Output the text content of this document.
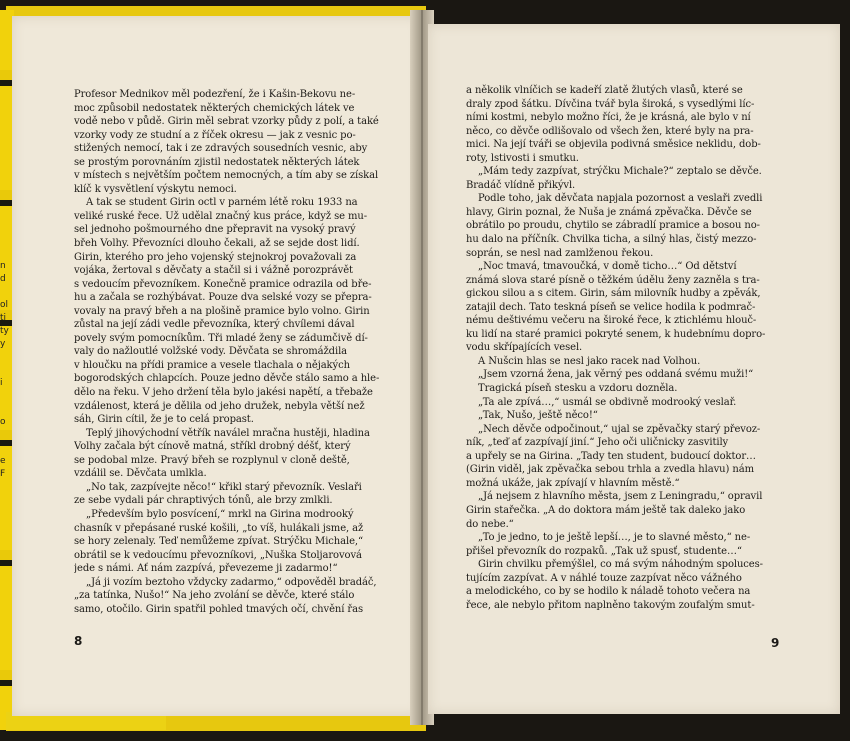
Profesor Mednikov měl podezření, že i Kašin-Bekovu ne-
moc způsobil nedostatek některých chemických látek ve
vodě nebo v půdě. Girin měl sebrat vzorky půdy z polí, a také
vzorky vody ze studní a z říček okresu — jak z vesnic po-
stižených nemocí, tak i ze zdravých sousedních vesnic, aby
se prostým porovnáním zjistil nedostatek některých látek
v místech s největším počtem nemocných, a tím aby se získal
klíč k vysvětlení výskytu nemoci.
A tak se student Girin octl v parném létě roku 1933 na
veliké ruské řece. Už udělal značný kus práce, když se mu-
sel jednoho pošmourného dne přepravit na vysoký pravý
břeh Volhy. Převozníci dlouho čekali, až se sejde dost lidí.
Girin, kterého pro jeho vojenský stejnokroj považovali za
vojáka, žertoval s děvčaty a stačil si i vážně porozprávět
s vedoucím převozníkem. Konečně pramice odrazila od bře-
hu a začala se rozhýbávat. Pouze dva selské vozy se přepra-
vovaly na pravý břeh a na plošině pramice bylo volno. Girin
zůstal na její zádi vedle převozníka, který chvílemi dával
povely svým pomocníkům. Tři mladé ženy se zádumčivě dí-
valy do nažloutlé volžské vody. Děvčata se shromáždila
v hloučku na přídi pramice a vesele tlachala o nějakých
bogorodských chlapcích. Pouze jedno děvče stálo samo a hle-
dělo na řeku. V jeho držení těla bylo jakési napětí, a třebaže
vzdálenost, která je dělila od jeho družek, nebyla větší než
sáh, Girin cítil, že je to celá propast.
Teplý jihovýchodní větřík naválel mračna hustěji, hladina
Volhy začala být cínově matná, stříkl drobný déšť, který
se podobal mlze. Pravý břeh se rozplynul v cloně deště,
vzdálil se. Děvčata umlkla.
„No tak, zazpívejte něco!“ křikl starý převozník. Veslaři
ze sebe vydali pár chraptivých tónů, ale brzy zmlkli.
„Především bylo posvícení,“ mrkl na Girina modrooký
chasník v přepásané ruské košili, „to víš, hulákali jsme, až
se hory zelenaly. Teď nemůžeme zpívat. Strýčku Michale,“
obrátil se k vedoucímu převozníkovi, „Nuška Stoljarovová
jede s námi. Ať nám zazpívá, převezeme ji zadarmo!“
„Já ji vozím beztoho vždycky zadarmo,“ odpověděl bradáč,
„za tatínka, Nušo!“ Na jeho zvolání se děvče, které stálo
samo, otočilo. Girin spatřil pohled tmavých očí, chvění řas
8
a několik vlníčich se kadeří zlatě žlutých vlasů, které se
draly zpod šátku. Dívčina tvář byla široká, s vysedlými líc-
ními kostmi, nebylo možno říci, že je krásná, ale bylo v ní
něco, co děvče odlišovalo od všech žen, které byly na pra-
mici. Na její tváři se objevila podivná směsice neklidu, dob-
roty, lstivosti i smutku.
„Mám tedy zazpívat, strýčku Michale?“ zeptalo se děvče.
Bradáč vlídně přikývl.
Podle toho, jak děvčata napjala pozornost a veslaři zvedli
hlavy, Girin poznal, že Nuša je známá zpěvačka. Děvče se
obrátilo po proudu, chytilo se zábradlí pramice a bosou no-
hu dalo na příčník. Chvilka ticha, a silný hlas, čistý mezzo-
soprán, se nesl nad zamlženou řekou.
„Noc tmavá, tmavoučká, v domě ticho…“ Od dětství
známá slova staré písně o těžkém údělu ženy zazněla s tra-
gickou silou a s citem. Girin, sám milovník hudby a zpěvák,
zatajil dech. Tato teskná píseň se velice hodila k podmrač-
nému deštivému večeru na široké řece, k ztichlému hlouč-
ku lidí na staré pramici pokryté senem, k hudebnímu dopro-
vodu skřípajících vesel.
A Nušcin hlas se nesl jako racek nad Volhou.
„Jsem vzorná žena, jak věrný pes oddaná svému muži!“
Tragická píseň stesku a vzdoru dozněla.
„Ta ale zpívá…,“ usmál se obdivně modrooký veslař.
„Tak, Nušo, ještě něco!“
„Nech děvče odpočinout,“ ujal se zpěvačky starý převoz-
ník, „teď ať zazpívají jiní.“ Jeho oči uličnicky zasvitily
a upřely se na Girina. „Tady ten student, budoucí doktor…
(Girin viděl, jak zpěvačka sebou trhla a zvedla hlavu) nám
možná ukáže, jak zpívají v hlavním městě.“
„Já nejsem z hlavního města, jsem z Leningradu,“ opravil
Girin stařečka. „A do doktora mám ještě tak daleko jako
do nebe.“
„To je jedno, to je ještě lepší…, je to slavné město,“ ne-
přišel převozník do rozpaků. „Tak už spusť, studente…“
Girin chvilku přemýšlel, co má svým náhodným spoluces-
tujícím zazpívat. A v náhlé touze zazpívat něco vážného
a melodického, co by se hodilo k náladě tohoto večera na
řece, ale nebylo přitom naplněno takovým zoufalým smut-
9
n
d

ol
ti
ty
y

i

o

e
F
